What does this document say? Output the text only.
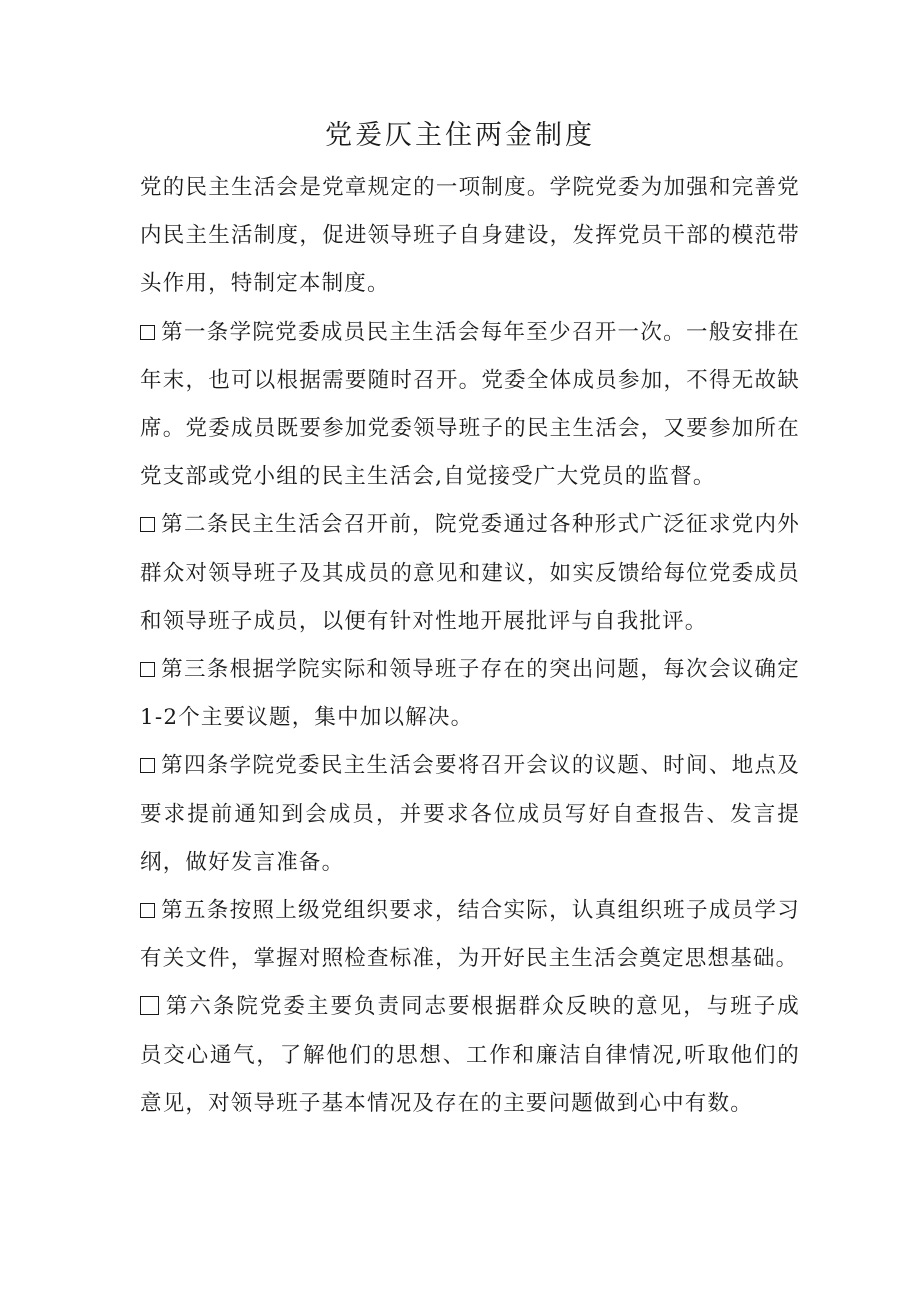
党爰仄主住两金制度

党的民主生活会是党章规定的一项制度。学院党委为加强和完善党内民主生活制度，促进领导班子自身建设，发挥党员干部的模范带头作用，特制定本制度。

第一条学院党委成员民主生活会每年至少召开一次。一般安排在年末，也可以根据需要随时召开。党委全体成员参加，不得无故缺席。党委成员既要参加党委领导班子的民主生活会，又要参加所在党支部或党小组的民主生活会,自觉接受广大党员的监督。

第二条民主生活会召开前，院党委通过各种形式广泛征求党内外群众对领导班子及其成员的意见和建议，如实反馈给每位党委成员和领导班子成员，以便有针对性地开展批评与自我批评。

第三条根据学院实际和领导班子存在的突出问题，每次会议确定1-2个主要议题，集中加以解决。

第四条学院党委民主生活会要将召开会议的议题、时间、地点及要求提前通知到会成员，并要求各位成员写好自查报告、发言提纲，做好发言准备。

第五条按照上级党组织要求，结合实际，认真组织班子成员学习有关文件，掌握对照检查标准，为开好民主生活会奠定思想基础。

第六条院党委主要负责同志要根据群众反映的意见，与班子成员交心通气，了解他们的思想、工作和廉洁自律情况,听取他们的意见，对领导班子基本情况及存在的主要问题做到心中有数。
